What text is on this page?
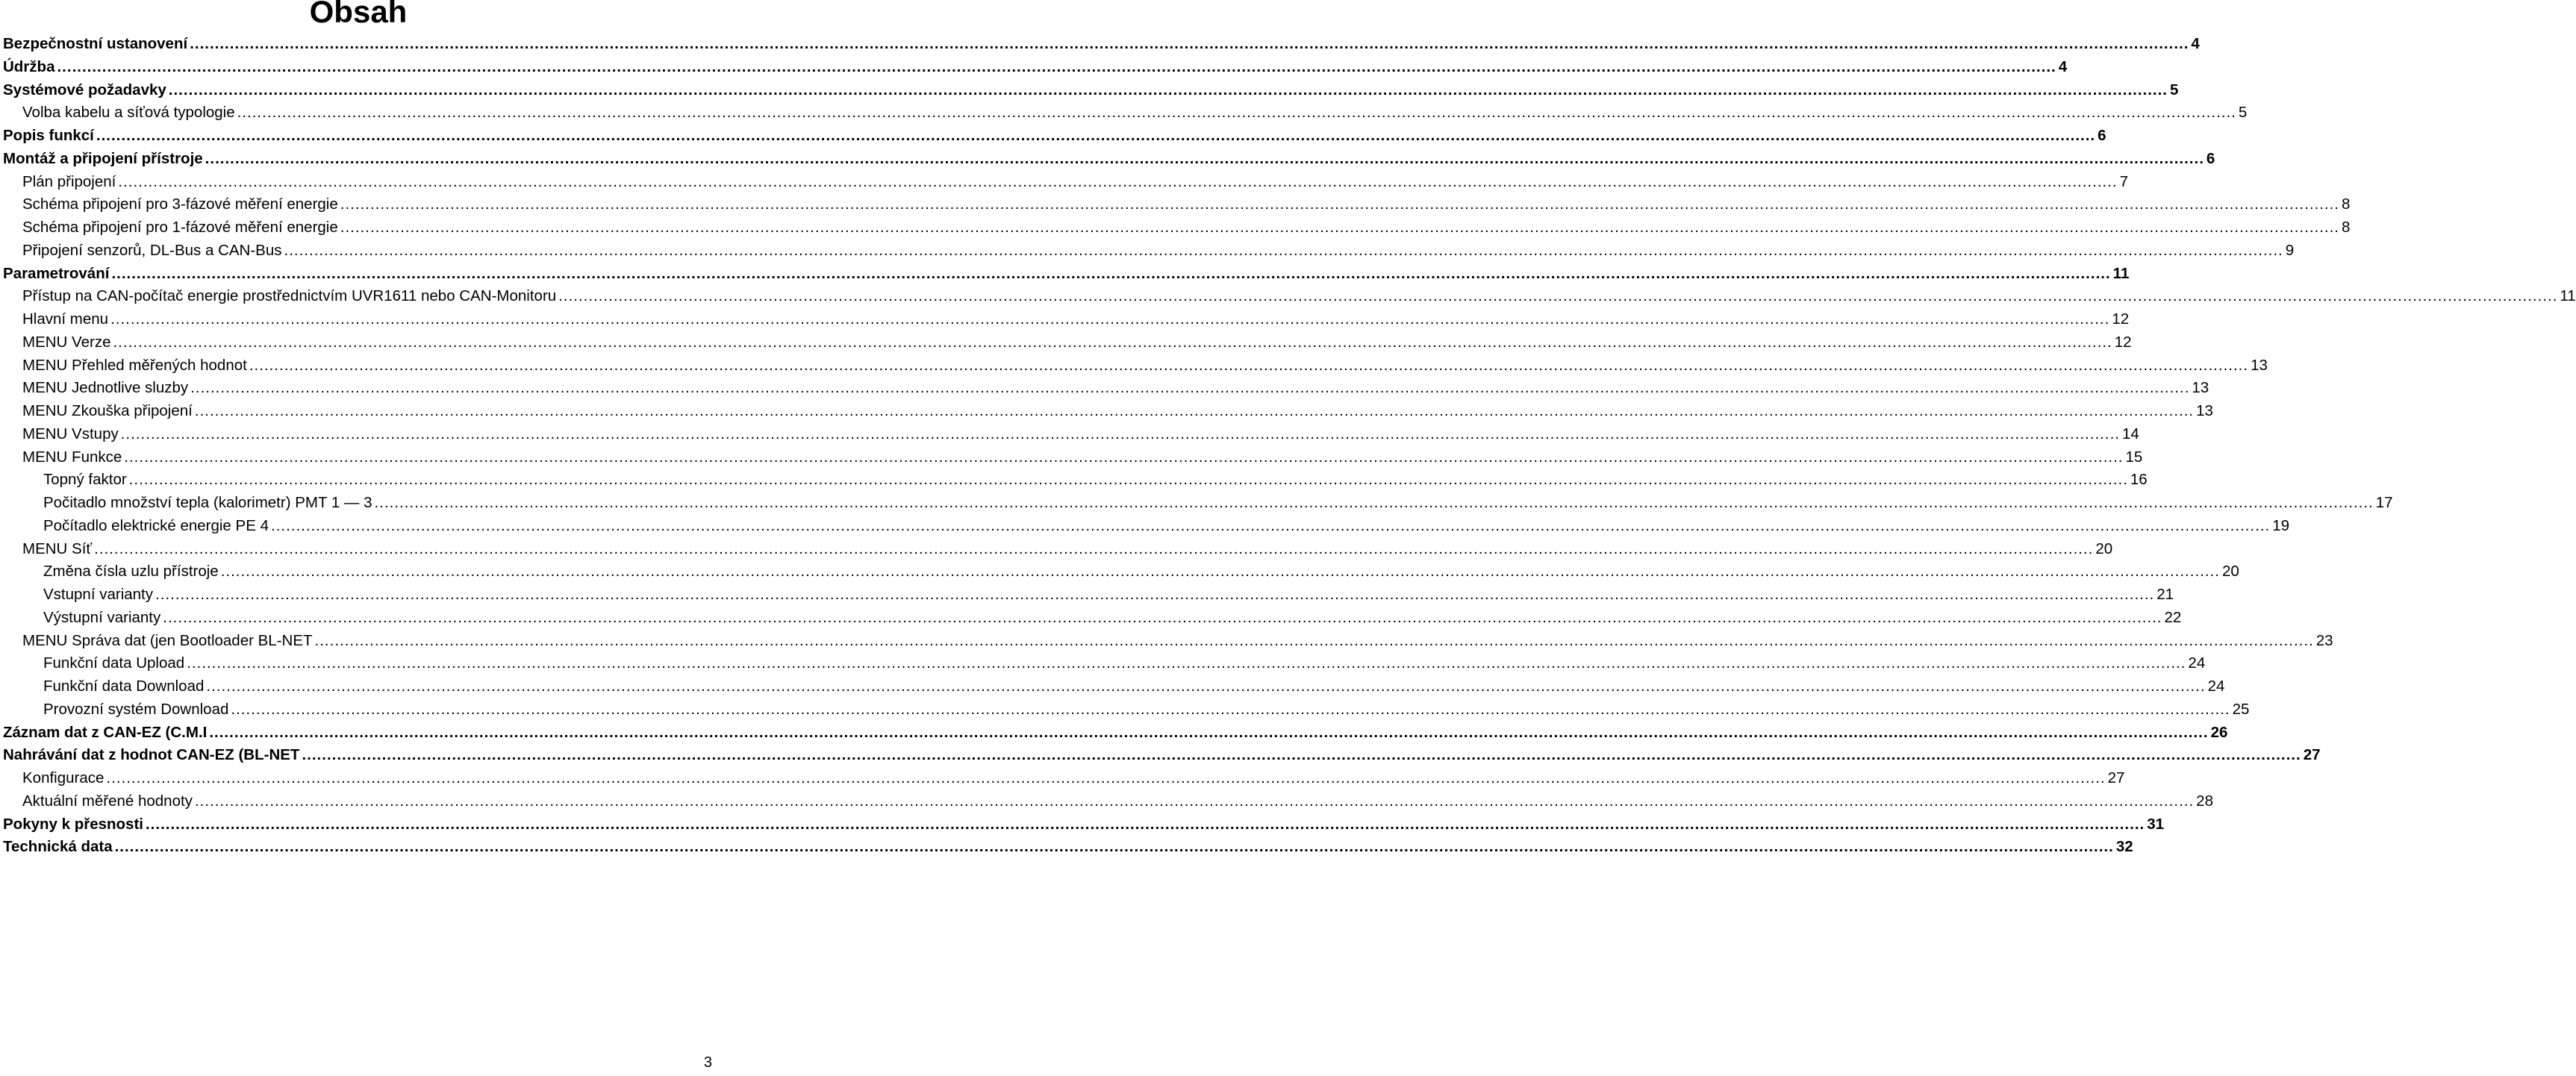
Obsah
Bezpečnostní ustanovení ................................................................................................................................................................................................................................................................................................................................................................................................................ 4
Údržba ................................................................................................................................................................................................................................................................................................................................................................................................................ 4
Systémové požadavky ................................................................................................................................................................................................................................................................................................................................................................................................................ 5
Volba kabelu a síťová typologie ................................................................................................................................................................................................................................................................................................................................................................................................................ 5
Popis funkcí ................................................................................................................................................................................................................................................................................................................................................................................................................ 6
Montáž a připojení přístroje ................................................................................................................................................................................................................................................................................................................................................................................................................ 6
Plán připojení ................................................................................................................................................................................................................................................................................................................................................................................................................ 7
Schéma připojení pro 3-fázové měření energie ................................................................................................................................................................................................................................................................................................................................................................................................................ 8
Schéma připojení pro 1-fázové měření energie ................................................................................................................................................................................................................................................................................................................................................................................................................ 8
Připojení senzorů, DL-Bus a CAN-Bus ................................................................................................................................................................................................................................................................................................................................................................................................................ 9
Parametrování ................................................................................................................................................................................................................................................................................................................................................................................................................ 11
Přístup na CAN-počítač energie prostřednictvím UVR1611 nebo CAN-Monitoru ................................................................................................................................................................................................................................................................................................................................................................................................................ 11
Hlavní menu ................................................................................................................................................................................................................................................................................................................................................................................................................ 12
MENU Verze ................................................................................................................................................................................................................................................................................................................................................................................................................ 12
MENU Přehled měřených hodnot ................................................................................................................................................................................................................................................................................................................................................................................................................ 13
MENU Jednotlive sluzby ................................................................................................................................................................................................................................................................................................................................................................................................................ 13
MENU Zkouška připojení ................................................................................................................................................................................................................................................................................................................................................................................................................ 13
MENU Vstupy ................................................................................................................................................................................................................................................................................................................................................................................................................ 14
MENU Funkce ................................................................................................................................................................................................................................................................................................................................................................................................................ 15
Topný faktor ................................................................................................................................................................................................................................................................................................................................................................................................................ 16
Počitadlo množství tepla (kalorimetr) PMT 1 — 3 ................................................................................................................................................................................................................................................................................................................................................................................................................ 17
Počítadlo elektrické energie PE 4 ................................................................................................................................................................................................................................................................................................................................................................................................................ 19
MENU Síť ................................................................................................................................................................................................................................................................................................................................................................................................................ 20
Změna čísla uzlu přístroje ................................................................................................................................................................................................................................................................................................................................................................................................................ 20
Vstupní varianty ................................................................................................................................................................................................................................................................................................................................................................................................................ 21
Výstupní varianty ................................................................................................................................................................................................................................................................................................................................................................................................................ 22
MENU Správa dat (jen Bootloader BL-NET ................................................................................................................................................................................................................................................................................................................................................................................................................ 23
Funkční data Upload ................................................................................................................................................................................................................................................................................................................................................................................................................ 24
Funkční data Download ................................................................................................................................................................................................................................................................................................................................................................................................................ 24
Provozní systém Download ................................................................................................................................................................................................................................................................................................................................................................................................................ 25
Záznam dat z CAN-EZ (C.M.I ................................................................................................................................................................................................................................................................................................................................................................................................................ 26
Nahrávání dat z hodnot CAN-EZ (BL-NET ................................................................................................................................................................................................................................................................................................................................................................................................................ 27
Konfigurace ................................................................................................................................................................................................................................................................................................................................................................................................................ 27
Aktuální měřené hodnoty ................................................................................................................................................................................................................................................................................................................................................................................................................ 28
Pokyny k přesnosti ................................................................................................................................................................................................................................................................................................................................................................................................................ 31
Technická data ................................................................................................................................................................................................................................................................................................................................................................................................................ 32
3
